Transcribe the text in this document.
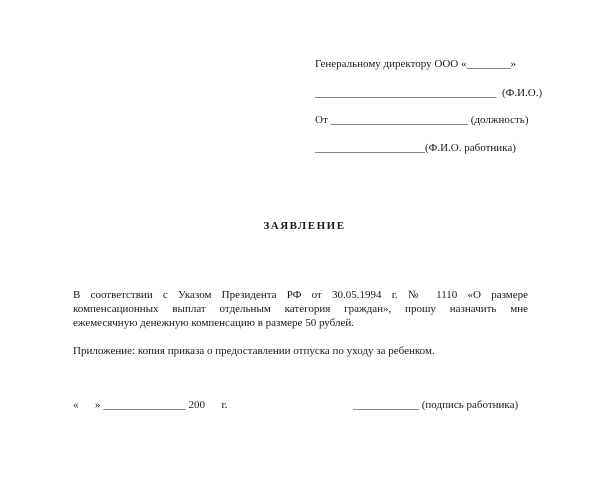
Генеральному директору ООО «________»
_________________________________  (Ф.И.О.)
От _________________________ (должность)
____________________(Ф.И.О. работника)
ЗАЯВЛЕНИЕ
В соответствии с Указом Президента РФ от 30.05.1994 г. № 1110 «О размере
компенсационных выплат отдельным категория граждан», прошу назначить мне
ежемесячную денежную компенсацию в размере 50 рублей.
Приложение: копия приказа о предоставлении отпуска по уходу за ребенком.
«      » _______________ 200      г.	____________ (подпись работника)
